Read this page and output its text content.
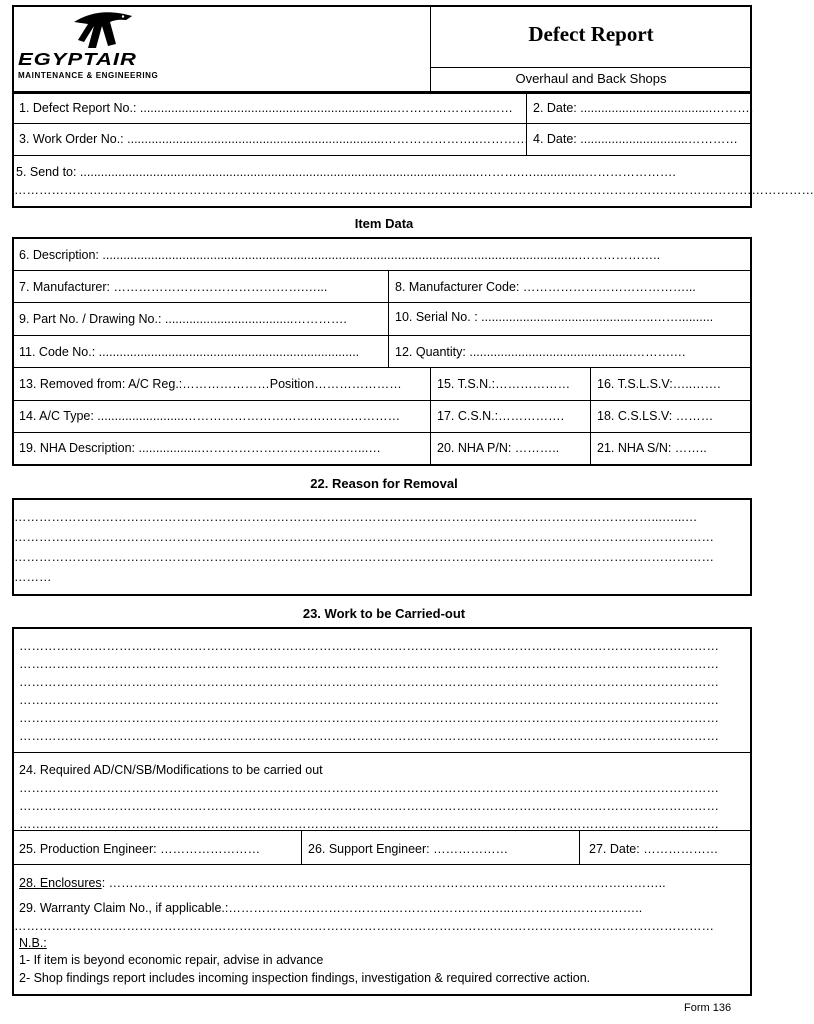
EGYPTAIR
MAINTENANCE & ENGINEERING
Defect Report
Overhaul and Back Shops
1. Defect Report No.: ..........................................................................………………….……	2. Date: ......................................……….
3. Work Order No.: ..........................................................................…………………..………… 4. Date: ...............................…………
5. Send to: ...................................................................................................................……….…...............………………….
…………………………………………………………………………………………………………………………………………………………………………
Item Data
6. Description: .........................................................................................................................................………………..
7. Manufacturer: ……………………………………….…...	8. Manufacturer Code: …………………………………...
9. Part No. / Drawing No.: .....................................………….	10. Serial No. : ............................................…..……..........
11. Code No.: ...........................................................................	12. Quantity: ...............................................……….…
13. Removed from: A/C Reg.:…………………Position…………………	15. T.S.N.:………………	16. T.S.L.S.V:…..…….
14. A/C Type: .........................…………………………….………………	17. C.S.N.:…………….	18. C.S.LS.V: ………
19. NHA Description: ..................…………………………..……...…	20. NHA P/N: ………..	21. NHA S/N: ……..
22. Reason for Removal
………………………………………………………………………………………………………………………………………...…...…
……………………………………………………………………………………………………………………………………………………
……………………………………………………………………………………………………………………………………………………
………
23. Work to be Carried-out
……………………………………………………………………………………………………………………………………………………
……………………………………………………………………………………………………………………………………………………
……………………………………………………………………………………………………………………………………………………
……………………………………………………………………………………………………………………………………………………
……………………………………………………………………………………………………………………………………………………
……………………………………………………………………………………………………………………………………………………
24. Required AD/CN/SB/Modifications to be carried out
……………………………………………………………………………………………………………………………………………………
……………………………………………………………………………………………………………………………………………………
……………………………………………………………………………………………………………………………………………………
25. Production Engineer: ……………………	26. Support Engineer: ………………	27. Date: ………………
28. Enclosures: ……………………………………………………………………………………………………………………..
29. Warranty Claim No., if applicable.:…………………………………………………………..…………………………..
……………………………………………………………………………………………………………………………………………………
N.B.:
1- If item is beyond economic repair, advise in advance
2- Shop findings report includes incoming inspection findings, investigation & required corrective action.
Form 136
